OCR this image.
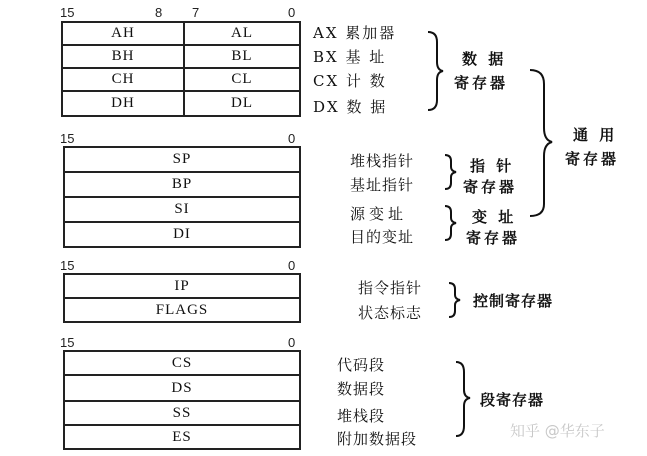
15	8 7	0
AH	AL
BH	BL
CH	CL
DH	DL
AX 累加器
BX 基 址
CX 计 数
DX 数 据
数 据
寄存器
通 用
寄存器
15	0
SP
BP
SI
DI
堆栈指针
基址指针
源变址
目的变址
指 针
寄存器
变 址
寄存器
15	0
IP
FLAGS
指令指针
状态标志
控制寄存器
15	0
CS
DS
SS
ES
代码段
数据段
堆栈段
附加数据段
段寄存器
知乎 @华东子
